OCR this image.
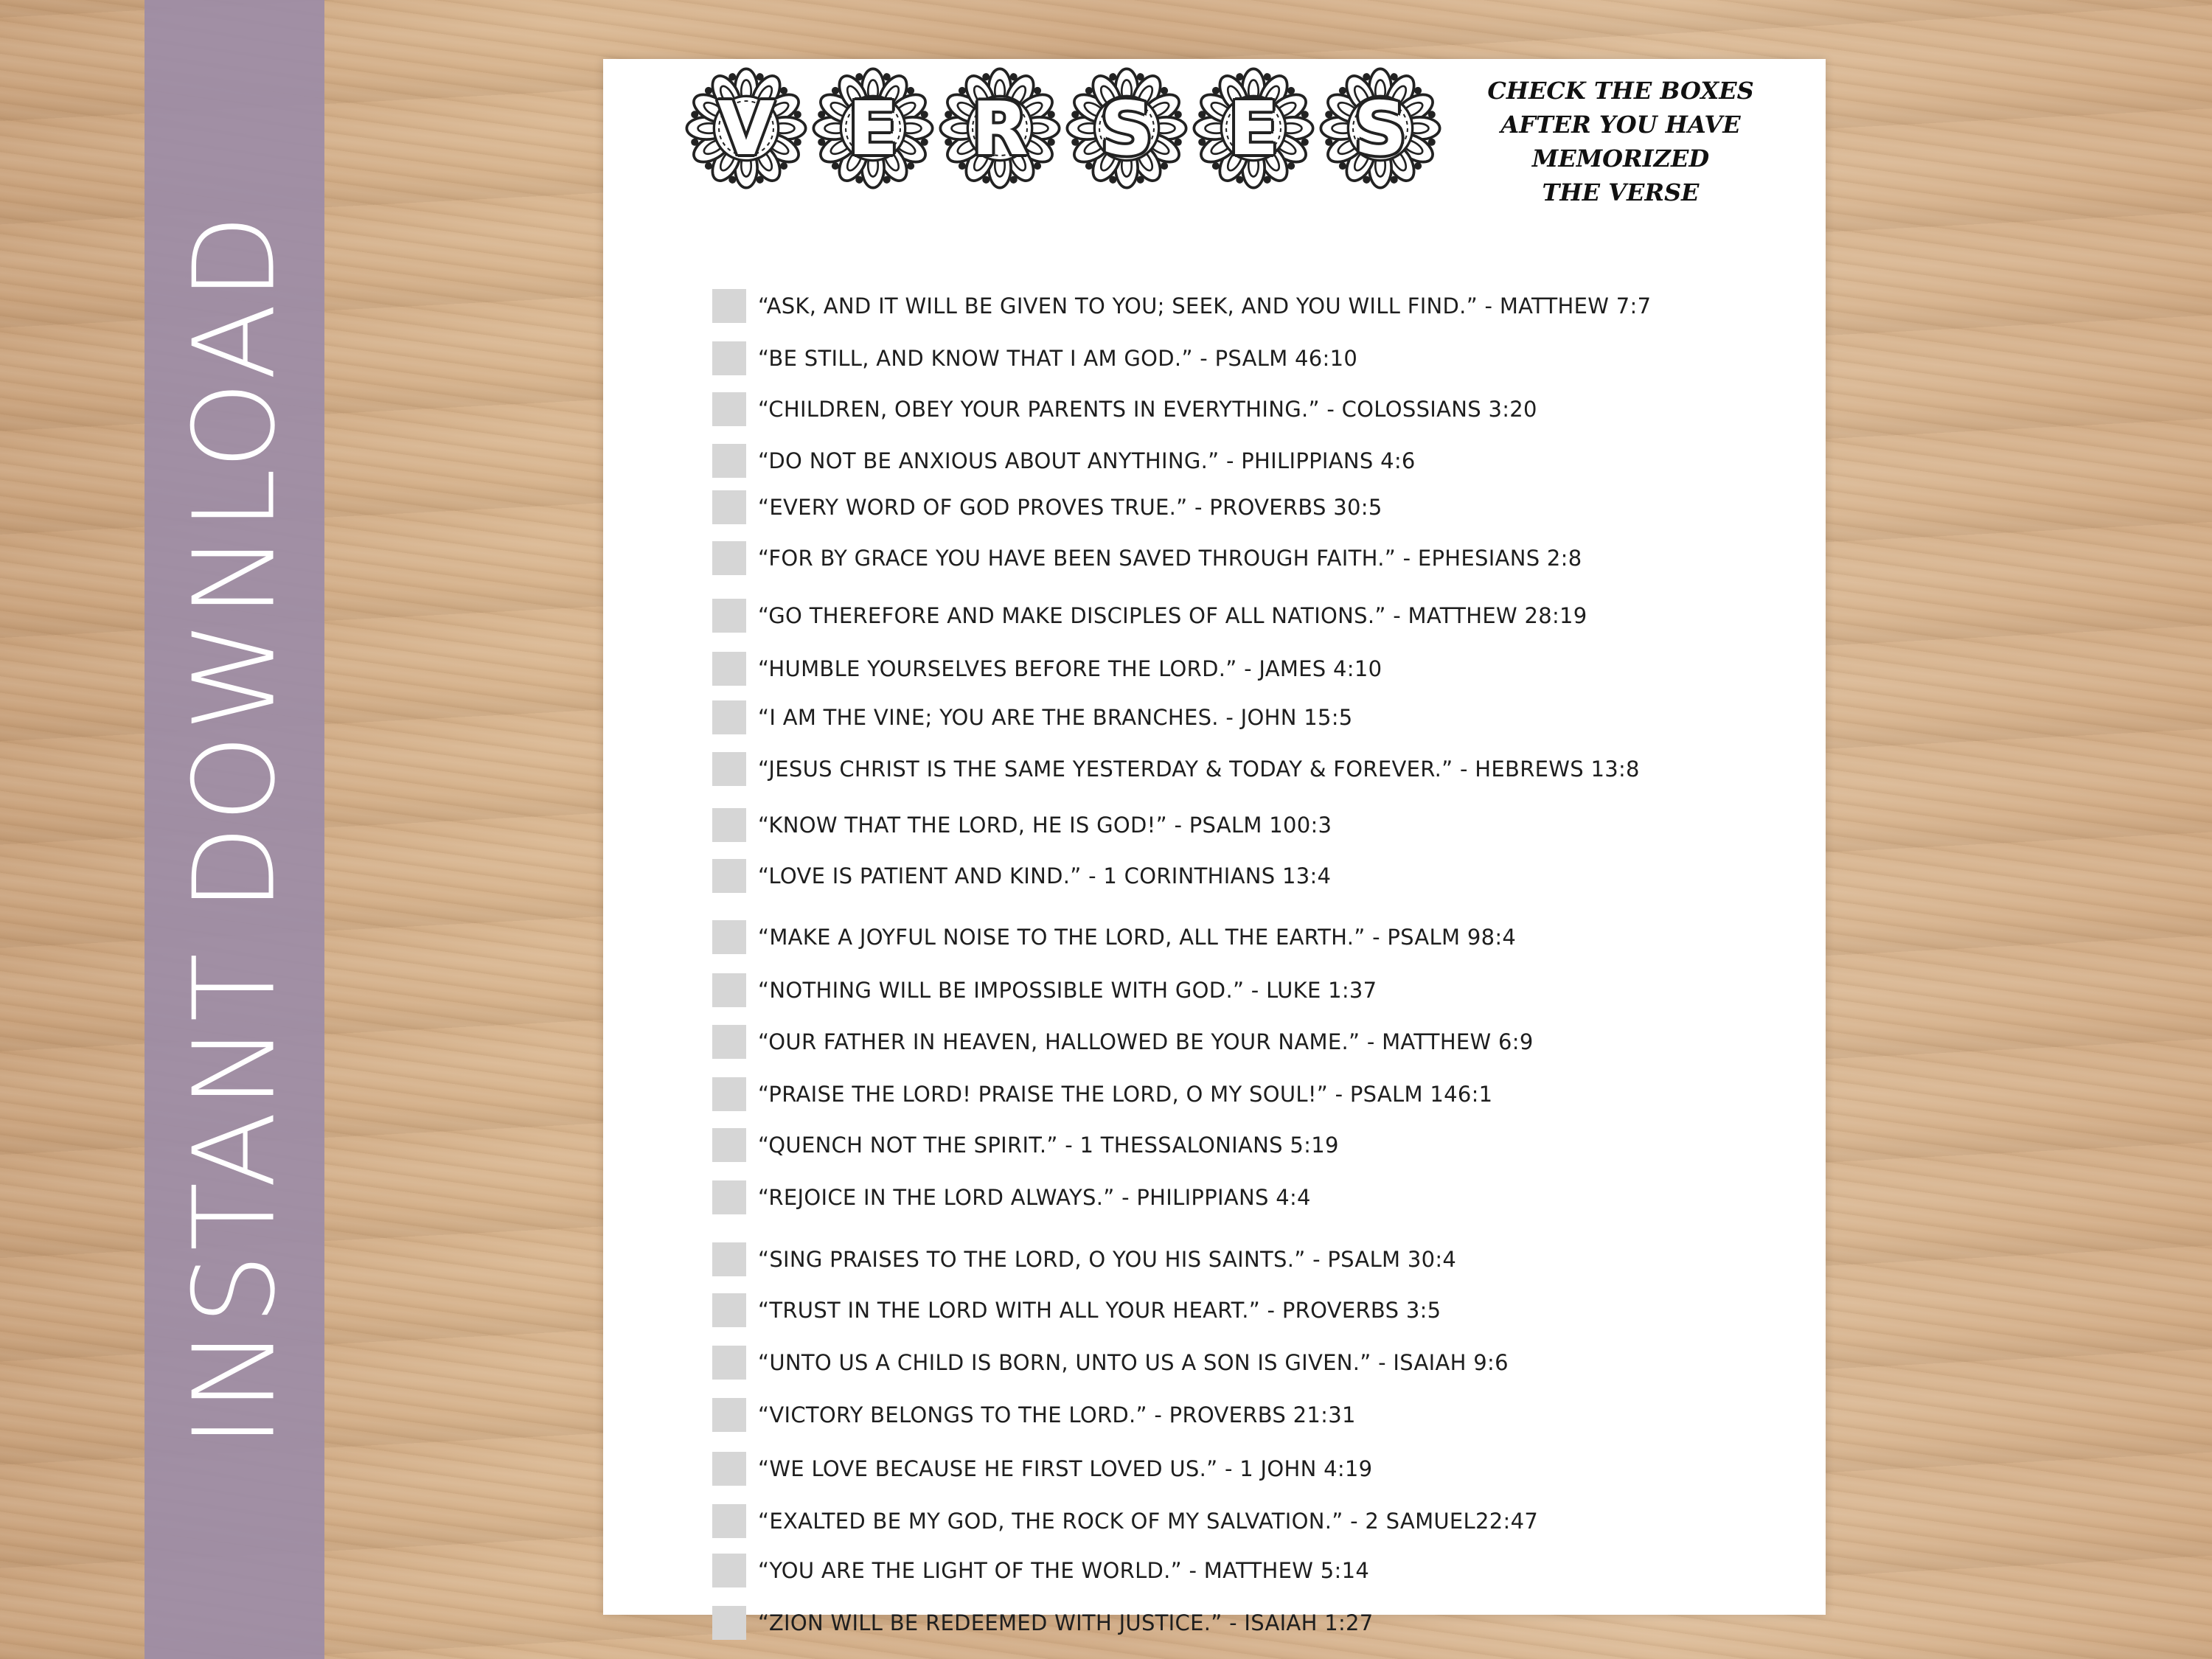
INSTANT DOWNLOAD
V E R S	E	S	CHECK THE BOXES
AFTER YOU HAVE
MEMORIZED
THE VERSE
“ASK, AND IT WILL BE GIVEN TO YOU; SEEK, AND YOU WILL FIND.” - MATTHEW 7:7
“BE STILL, AND KNOW THAT I AM GOD.” - PSALM 46:10
“CHILDREN, OBEY YOUR PARENTS IN EVERYTHING.” - COLOSSIANS 3:20
“DO NOT BE ANXIOUS ABOUT ANYTHING.” - PHILIPPIANS 4:6
“EVERY WORD OF GOD PROVES TRUE.” - PROVERBS 30:5
“FOR BY GRACE YOU HAVE BEEN SAVED THROUGH FAITH.” - EPHESIANS 2:8
“GO THEREFORE AND MAKE DISCIPLES OF ALL NATIONS.” - MATTHEW 28:19
“HUMBLE YOURSELVES BEFORE THE LORD.” - JAMES 4:10
“I AM THE VINE; YOU ARE THE BRANCHES. - JOHN 15:5
“JESUS CHRIST IS THE SAME YESTERDAY & TODAY & FOREVER.” - HEBREWS 13:8
“KNOW THAT THE LORD, HE IS GOD!” - PSALM 100:3
“LOVE IS PATIENT AND KIND.” - 1 CORINTHIANS 13:4
“MAKE A JOYFUL NOISE TO THE LORD, ALL THE EARTH.” - PSALM 98:4
“NOTHING WILL BE IMPOSSIBLE WITH GOD.” - LUKE 1:37
“OUR FATHER IN HEAVEN, HALLOWED BE YOUR NAME.” - MATTHEW 6:9
“PRAISE THE LORD! PRAISE THE LORD, O MY SOUL!” - PSALM 146:1
“QUENCH NOT THE SPIRIT.” - 1 THESSALONIANS 5:19
“REJOICE IN THE LORD ALWAYS.” - PHILIPPIANS 4:4
“SING PRAISES TO THE LORD, O YOU HIS SAINTS.” - PSALM 30:4
“TRUST IN THE LORD WITH ALL YOUR HEART.” - PROVERBS 3:5
“UNTO US A CHILD IS BORN, UNTO US A SON IS GIVEN.” - ISAIAH 9:6
“VICTORY BELONGS TO THE LORD.” - PROVERBS 21:31
“WE LOVE BECAUSE HE FIRST LOVED US.” - 1 JOHN 4:19
“EXALTED BE MY GOD, THE ROCK OF MY SALVATION.” - 2 SAMUEL22:47
“YOU ARE THE LIGHT OF THE WORLD.” - MATTHEW 5:14
“ZION WILL BE REDEEMED WITH JUSTICE.” - ISAIAH 1:27
